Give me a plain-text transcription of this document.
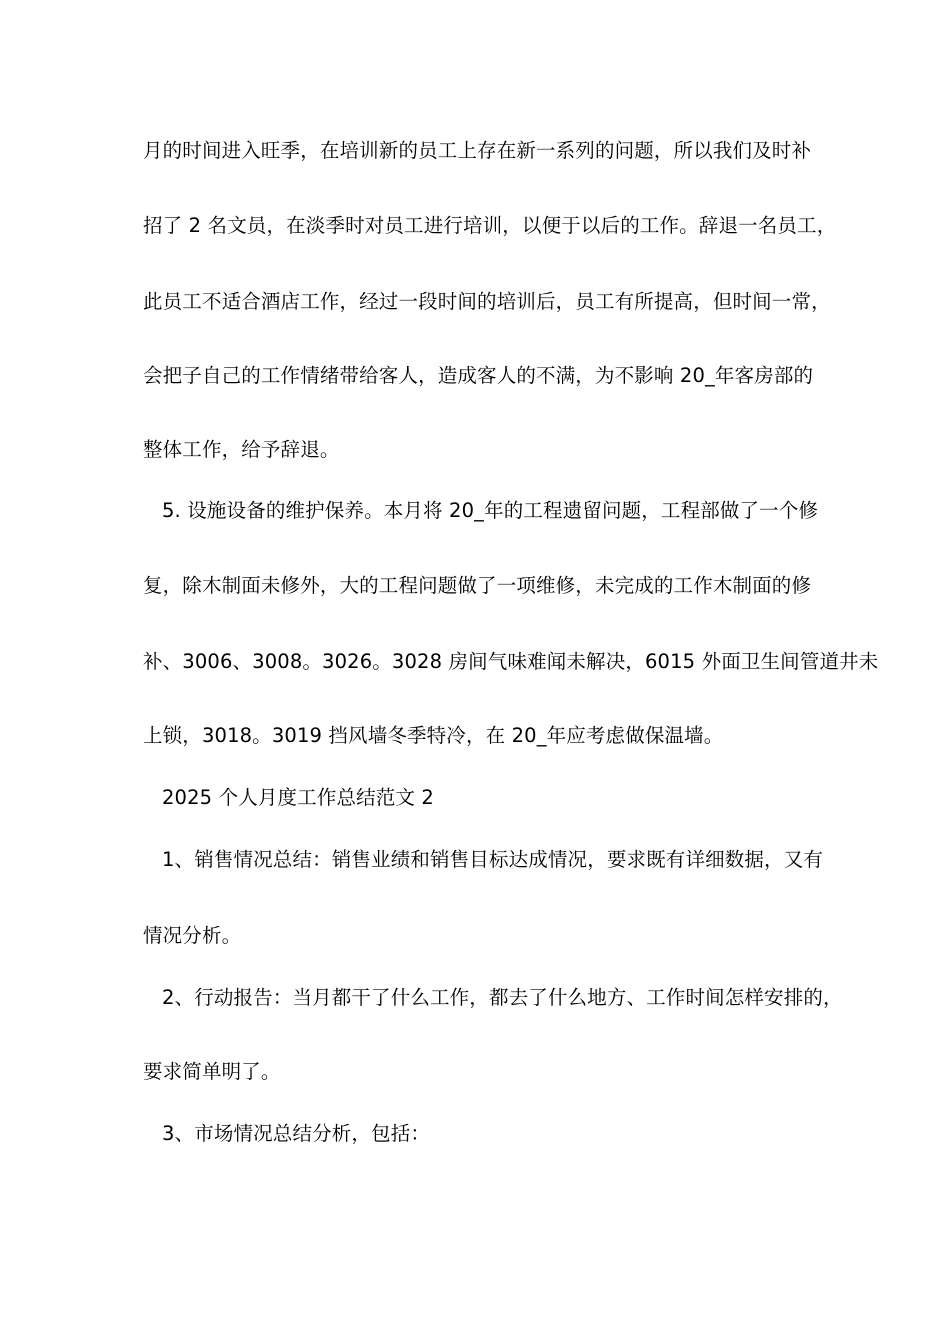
月的时间进入旺季，在培训新的员工上存在新一系列的问题，所以我们及时补
招了 2 名文员，在淡季时对员工进行培训，以便于以后的工作。辞退一名员工，
此员工不适合酒店工作，经过一段时间的培训后，员工有所提高，但时间一常，
会把子自己的工作情绪带给客人，造成客人的不满，为不影响 20_年客房部的
整体工作，给予辞退。
5. 设施设备的维护保养。本月将 20_年的工程遗留问题，工程部做了一个修
复，除木制面未修外，大的工程问题做了一项维修，未完成的工作木制面的修
补、3006、3008。3026。3028 房间气味难闻未解决，6015 外面卫生间管道井未
上锁，3018。3019 挡风墙冬季特冷，在 20_年应考虑做保温墙。
2025 个人月度工作总结范文 2
1、销售情况总结：销售业绩和销售目标达成情况，要求既有详细数据，又有
情况分析。
2、行动报告：当月都干了什么工作，都去了什么地方、工作时间怎样安排的，
要求简单明了。
3、市场情况总结分析，包括：
